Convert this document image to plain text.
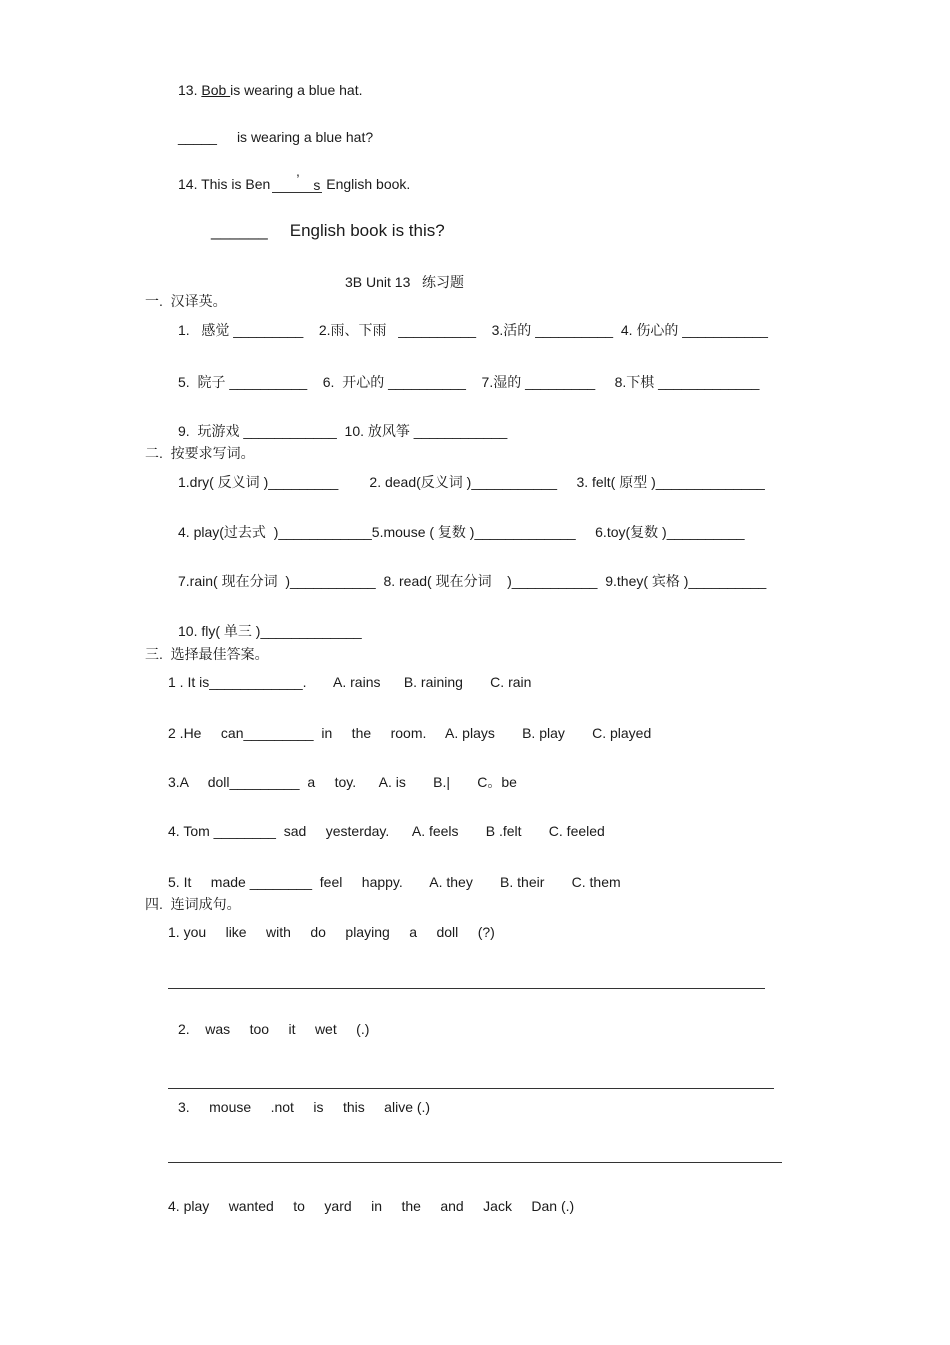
13. Bob is wearing a blue hat.
_____ is wearing a blue hat?
14. This is Ben ’ s English book.
______ English book is this?
3B Unit 13   练习题
一.  汉译英。
1.   感觉 _________    2.雨、下雨   __________    3.活的 __________  4. 伤心的 ___________
5.  院子 __________    6.  开心的 __________    7.湿的 _________     8.下棋 _____________
9.  玩游戏 ____________  10. 放风筝 ____________
二.  按要求写词。
1.dry( 反义词 )_________        2. dead(反义词 )___________     3. felt( 原型 )______________
4. play(过去式  )____________5.mouse ( 复数 )_____________     6.toy(复数 )__________
7.rain( 现在分词  )___________  8. read( 现在分词    )___________  9.they( 宾格 )__________
10. fly( 单三 )_____________
三.  选择最佳答案。
1 . It is____________.       A. rains      B. raining       C. rain
2 .He     can_________  in     the     room.     A. plays       B. play       C. played
3.A     doll_________  a     toy.      A. is       B.|       C。be
4. Tom ________  sad     yesterday.      A. feels       B .felt       C. feeled
5. It     made ________  feel     happy.       A. they       B. their       C. them
四.  连词成句。
1. you     like     with     do     playing     a     doll     (?)
2.    was     too     it     wet     (.)
3.     mouse     .not     is     this     alive (.)
4. play     wanted     to     yard     in     the     and     Jack     Dan (.)
